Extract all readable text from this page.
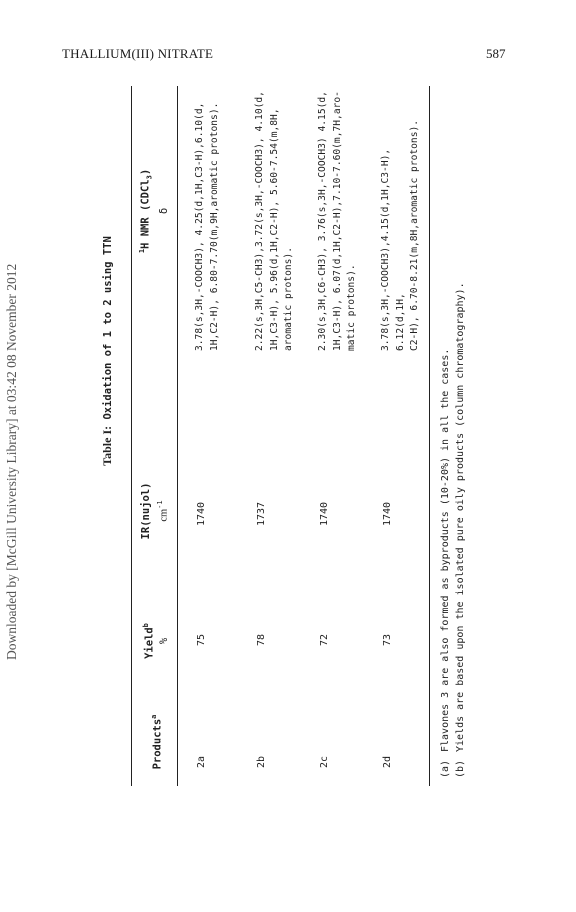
Downloaded by [McGill University Library] at 03:42 08 November 2012
THALLIUM(III) NITRATE	587
Table I: Oxidation of 1 to 2 using TTN
Products$^a$
Yield$^b$
%
IR(nujol) $cm^{-1}$
$^1$H NMR (CDCl$_3$)
δ
2a
75
1740
3.78(s,3H,-COOCH3), 4.25(d,1H,C3-H),6.10(d, 1H,C2-H), 6.80-7.70(m,9H,aromatic protons).
2b
78
1737
2.22(s,3H,C5-CH3),3.72(s,3H,-COOCH3), 4.10(d, 1H,C3-H), 5.96(d,1H,C2-H), 5.60-7.54(m,8H, aromatic protons).
2c
72
1740
2.30(s,3H,C6-CH3), 3.76(s,3H,-COOCH3) 4.15(d, 1H,C3-H), 6.07(d,1H,C2-H),7.10-7.60(m,7H,aro- matic protons).
2d
73
1740
3.78(s,3H,-COOCH3),4.15(d,1H,C3-H), 6.12(d,1H, C2-H), 6.70-8.21(m,8H,aromatic protons).
(a)Flavones 3 are also formed as byproducts (10-20%) in all the cases.
(b)Yields are based upon the isolated pure oily products (column chromatography).
